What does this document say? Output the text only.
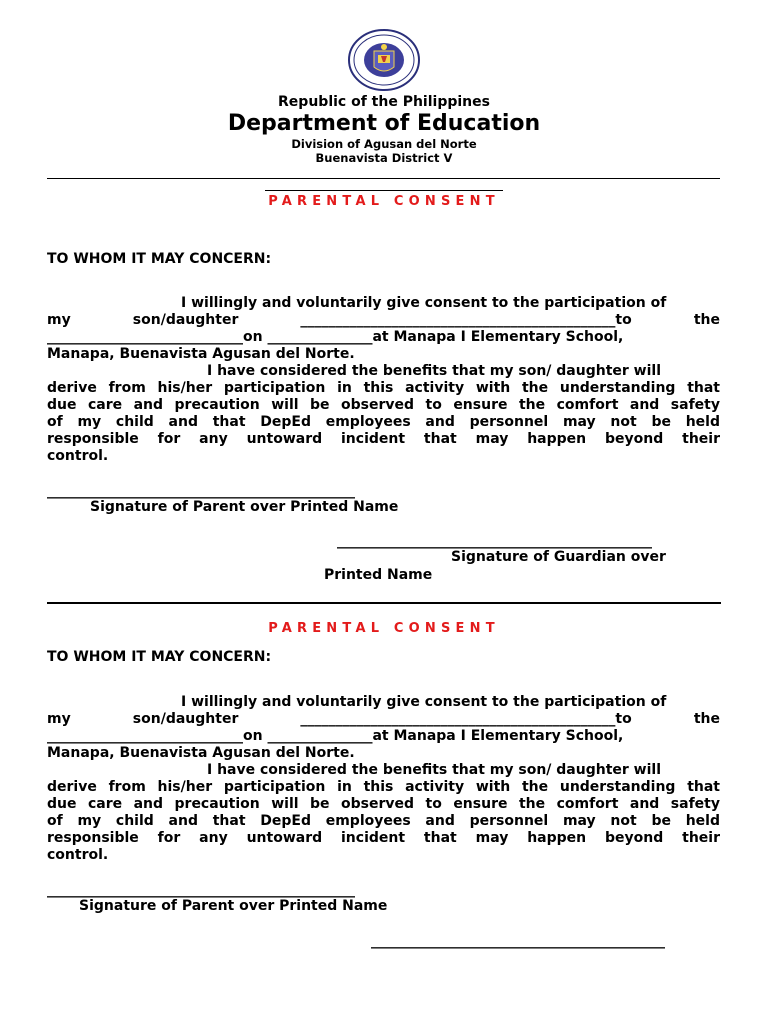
Republic of the Philippines
Department of Education
Division of Agusan del Norte
Buenavista District V
PARENTAL CONSENT
TO WHOM IT MAY CONCERN:
I willingly and voluntarily give consent to the participation of
my	son/daughter	_____________________________________________to	the
____________________________on _______________at Manapa I Elementary School,
Manapa, Buenavista Agusan del Norte.
I have considered the benefits that my son/ daughter will
derive from his/her participation in this activity with the understanding that
due care and precaution will be observed to ensure the comfort and safety
of my child and that DepEd employees and personnel may not be held
responsible for any untoward incident that may happen beyond their
control.
____________________________________________
Signature of Parent over Printed Name
_____________________________________________
Signature of Guardian over
Printed Name
PARENTAL CONSENT
TO WHOM IT MAY CONCERN:
I willingly and voluntarily give consent to the participation of
my	son/daughter	_____________________________________________to	the
____________________________on _______________at Manapa I Elementary School,
Manapa, Buenavista Agusan del Norte.
I have considered the benefits that my son/ daughter will
derive from his/her participation in this activity with the understanding that
due care and precaution will be observed to ensure the comfort and safety
of my child and that DepEd employees and personnel may not be held
responsible for any untoward incident that may happen beyond their
control.
____________________________________________
Signature of Parent over Printed Name
__________________________________________
